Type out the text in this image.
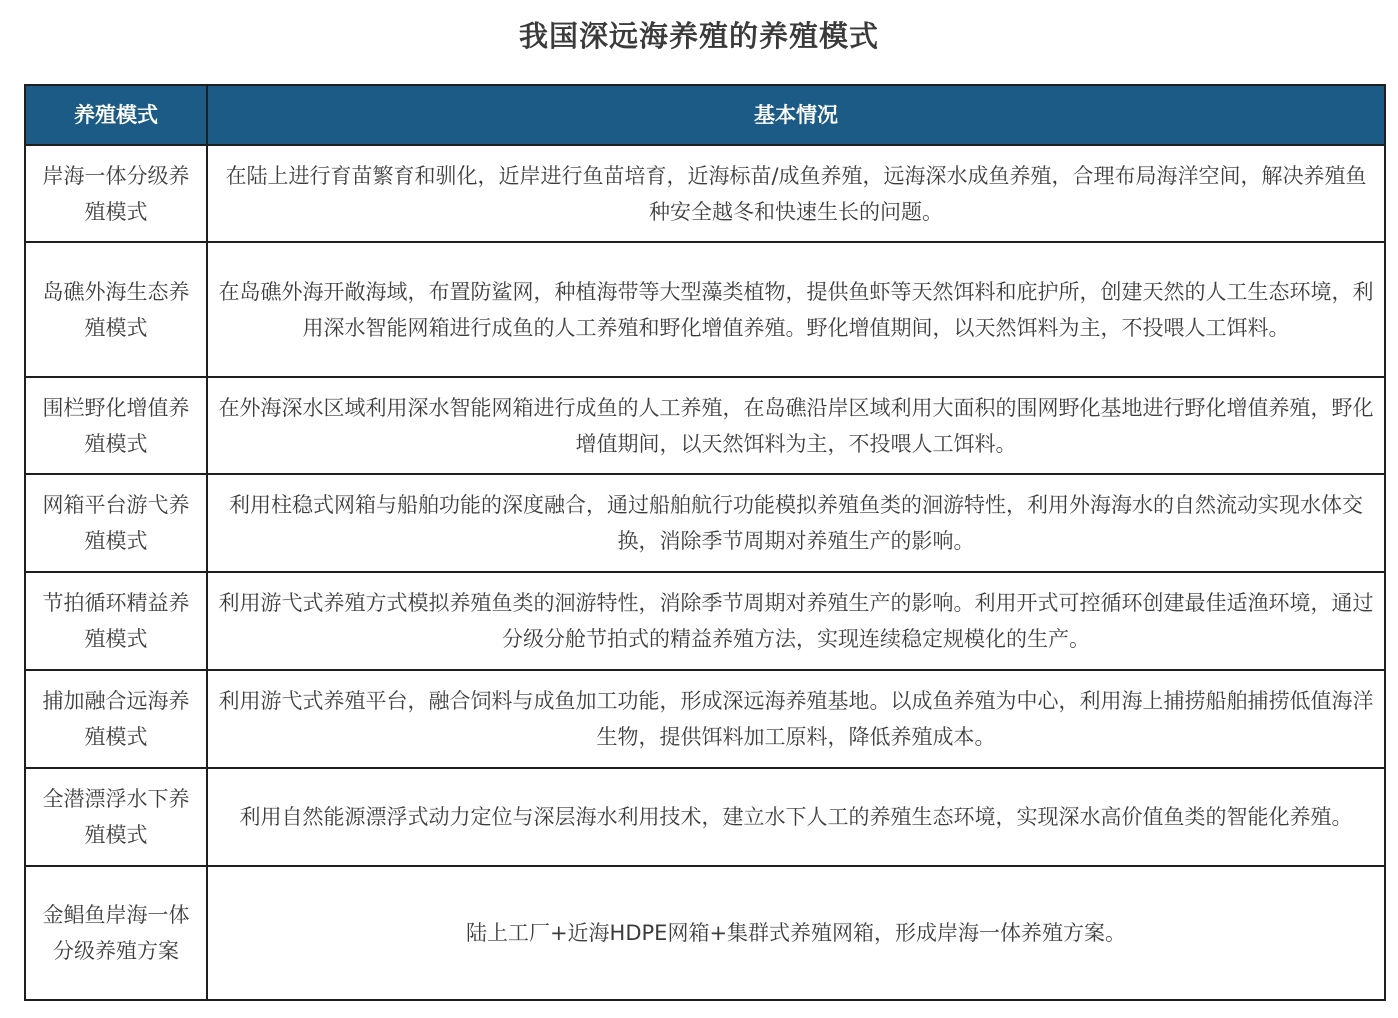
我国深远海养殖的养殖模式
养殖模式	基本情况
岸海一体分级养殖模式	在陆上进行育苗繁育和驯化，近岸进行鱼苗培育，近海标苗/成鱼养殖，远海深水成鱼养殖，合理布局海洋空间，解决养殖鱼种安全越冬和快速生长的问题。
岛礁外海生态养殖模式	在岛礁外海开敞海域，布置防鲨网，种植海带等大型藻类植物，提供鱼虾等天然饵料和庇护所，创建天然的人工生态环境，利用深水智能网箱进行成鱼的人工养殖和野化增值养殖。野化增值期间，以天然饵料为主，不投喂人工饵料。
围栏野化增值养殖模式	在外海深水区域利用深水智能网箱进行成鱼的人工养殖，在岛礁沿岸区域利用大面积的围网野化基地进行野化增值养殖，野化增值期间，以天然饵料为主，不投喂人工饵料。
网箱平台游弋养殖模式	利用柱稳式网箱与船舶功能的深度融合，通过船舶航行功能模拟养殖鱼类的洄游特性，利用外海海水的自然流动实现水体交换，消除季节周期对养殖生产的影响。
节拍循环精益养殖模式	利用游弋式养殖方式模拟养殖鱼类的洄游特性，消除季节周期对养殖生产的影响。利用开式可控循环创建最佳适渔环境，通过分级分舱节拍式的精益养殖方法，实现连续稳定规模化的生产。
捕加融合远海养殖模式	利用游弋式养殖平台，融合饲料与成鱼加工功能，形成深远海养殖基地。以成鱼养殖为中心，利用海上捕捞船舶捕捞低值海洋生物，提供饵料加工原料，降低养殖成本。
全潜漂浮水下养殖模式	利用自然能源漂浮式动力定位与深层海水利用技术，建立水下人工的养殖生态环境，实现深水高价值鱼类的智能化养殖。
金鲳鱼岸海一体分级养殖方案	陆上工厂+近海HDPE网箱+集群式养殖网箱，形成岸海一体养殖方案。
